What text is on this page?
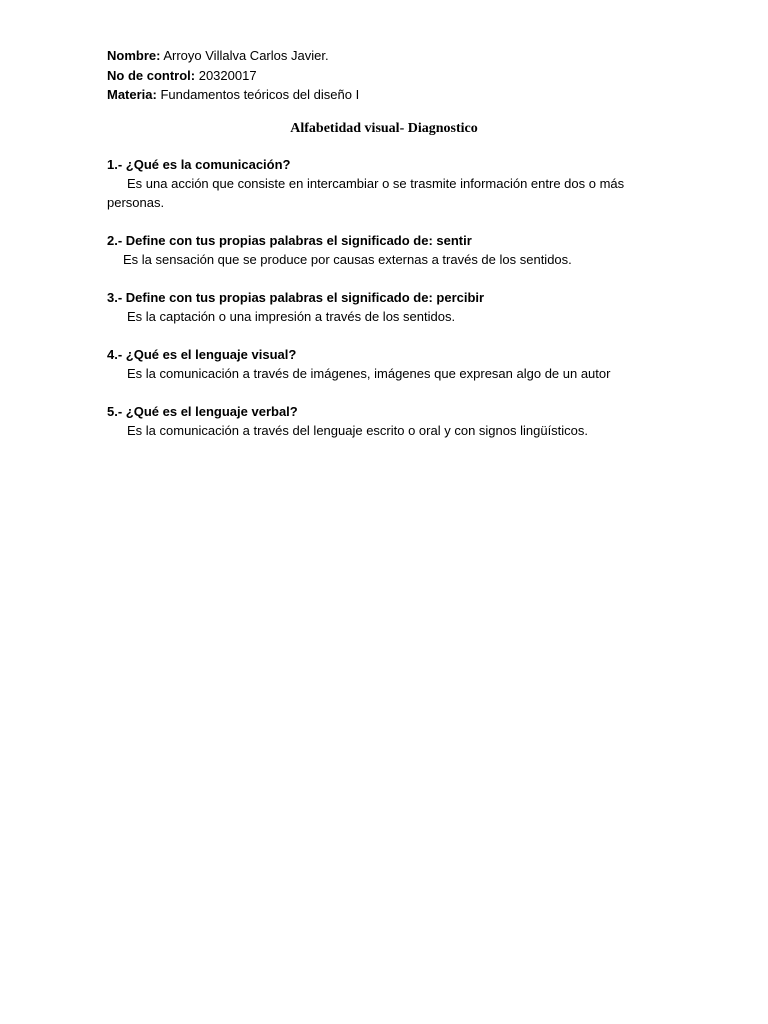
Nombre: Arroyo Villalva Carlos Javier.
No de control: 20320017
Materia: Fundamentos teóricos del diseño I
Alfabetidad visual- Diagnostico
1.- ¿Qué es la comunicación?
Es una acción que consiste en intercambiar o se trasmite información entre dos o más personas.
2.- Define con tus propias palabras el significado de: sentir
Es la sensación que se produce por causas externas a través de los sentidos.
3.- Define con tus propias palabras el significado de: percibir
Es la captación o una impresión a través de los sentidos.
4.- ¿Qué es el lenguaje visual?
Es la comunicación a través de imágenes, imágenes que expresan algo de un autor
5.- ¿Qué es el lenguaje verbal?
Es la comunicación a través del lenguaje escrito o oral y con signos lingüísticos.
